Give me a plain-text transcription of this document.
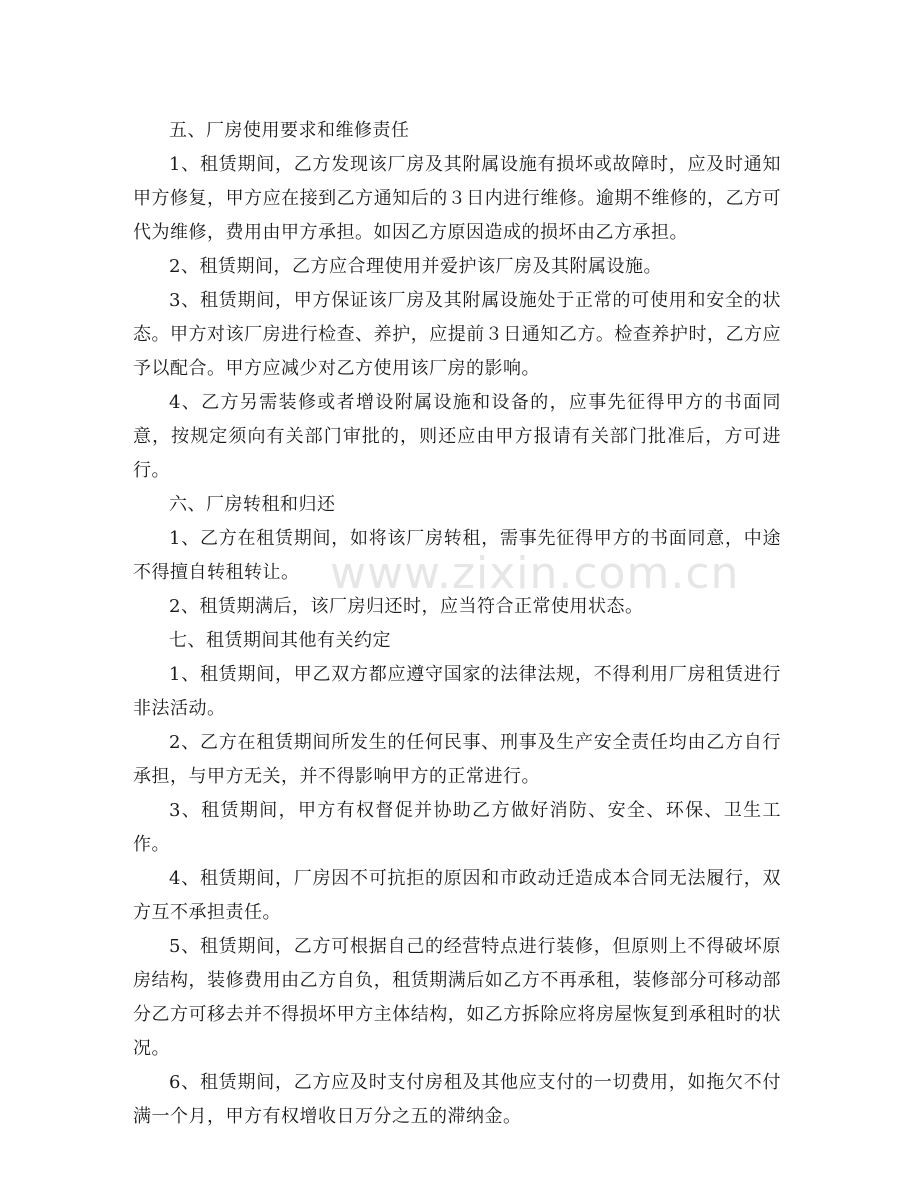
www.zixin.com.cn

五、厂房使用要求和维修责任

1、租赁期间，乙方发现该厂房及其附属设施有损坏或故障时，应及时通知甲方修复，甲方应在接到乙方通知后的３日内进行维修。逾期不维修的，乙方可代为维修，费用由甲方承担。如因乙方原因造成的损坏由乙方承担。

2、租赁期间，乙方应合理使用并爱护该厂房及其附属设施。

3、租赁期间，甲方保证该厂房及其附属设施处于正常的可使用和安全的状态。甲方对该厂房进行检查、养护，应提前３日通知乙方。检查养护时，乙方应予以配合。甲方应减少对乙方使用该厂房的影响。

4、乙方另需装修或者增设附属设施和设备的，应事先征得甲方的书面同意，按规定须向有关部门审批的，则还应由甲方报请有关部门批准后，方可进行。

六、厂房转租和归还

1、乙方在租赁期间，如将该厂房转租，需事先征得甲方的书面同意，中途不得擅自转租转让。

2、租赁期满后，该厂房归还时，应当符合正常使用状态。

七、租赁期间其他有关约定

1、租赁期间，甲乙双方都应遵守国家的法律法规，不得利用厂房租赁进行非法活动。

2、乙方在租赁期间所发生的任何民事、刑事及生产安全责任均由乙方自行承担，与甲方无关，并不得影响甲方的正常进行。

3、租赁期间，甲方有权督促并协助乙方做好消防、安全、环保、卫生工作。

4、租赁期间，厂房因不可抗拒的原因和市政动迁造成本合同无法履行，双方互不承担责任。

5、租赁期间，乙方可根据自己的经营特点进行装修，但原则上不得破坏原房结构，装修费用由乙方自负，租赁期满后如乙方不再承租，装修部分可移动部分乙方可移去并不得损坏甲方主体结构，如乙方拆除应将房屋恢复到承租时的状况。

6、租赁期间，乙方应及时支付房租及其他应支付的一切费用，如拖欠不付满一个月，甲方有权增收日万分之五的滞纳金。
